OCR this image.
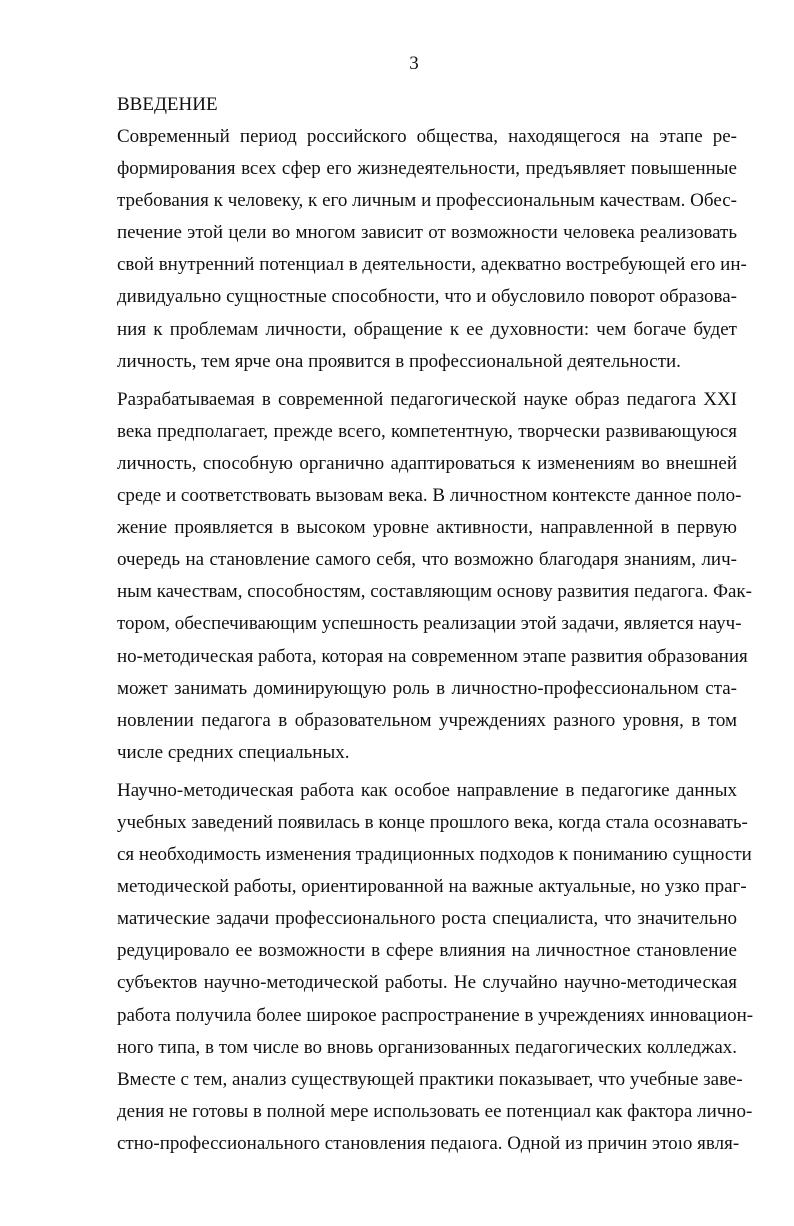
3
ВВЕДЕНИЕ
Современный период российского общества, находящегося на этапе ре-
формирования всех сфер его жизнедеятельности, предъявляет повышенные
требования к человеку, к его личным и профессиональным качествам. Обес-
печение этой цели во многом зависит от возможности человека реализовать
свой внутренний потенциал в деятельности, адекватно востребующей его ин-
дивидуально сущностные способности, что и обусловило поворот образова-
ния к проблемам личности, обращение к ее духовности: чем богаче будет
личность, тем ярче она проявится в профессиональной деятельности.
Разрабатываемая в современной педагогической науке образ педагога XXI
века предполагает, прежде всего, компетентную, творчески развивающуюся
личность, способную органично адаптироваться к изменениям во внешней
среде и соответствовать вызовам века. В личностном контексте данное поло-
жение проявляется в высоком уровне активности, направленной в первую
очередь на становление самого себя, что возможно благодаря знаниям, лич-
ным качествам, способностям, составляющим основу развития педагога. Фак-
тором, обеспечивающим успешность реализации этой задачи, является науч-
но-методическая работа, которая на современном этапе развития образования
может занимать доминирующую роль в личностно-профессиональном ста-
новлении педагога в образовательном учреждениях разного уровня, в том
числе средних специальных.
Научно-методическая работа как особое направление в педагогике данных
учебных заведений появилась в конце прошлого века, когда стала осознавать-
ся необходимость изменения традиционных подходов к пониманию сущности
методической работы, ориентированной на важные актуальные, но узко праг-
матические задачи профессионального роста специалиста, что значительно
редуцировало ее возможности в сфере влияния на личностное становление
субъектов научно-методической работы. Не случайно научно-методическая
работа получила более широкое распространение в учреждениях инновацион-
ного типа, в том числе во вновь организованных педагогических колледжах.
Вместе с тем, анализ существующей практики показывает, что учебные заве-
дения не готовы в полной мере использовать ее потенциал как фактора лично-
стно-профессионального становления педаıога. Одной из причин этоıо явля-
